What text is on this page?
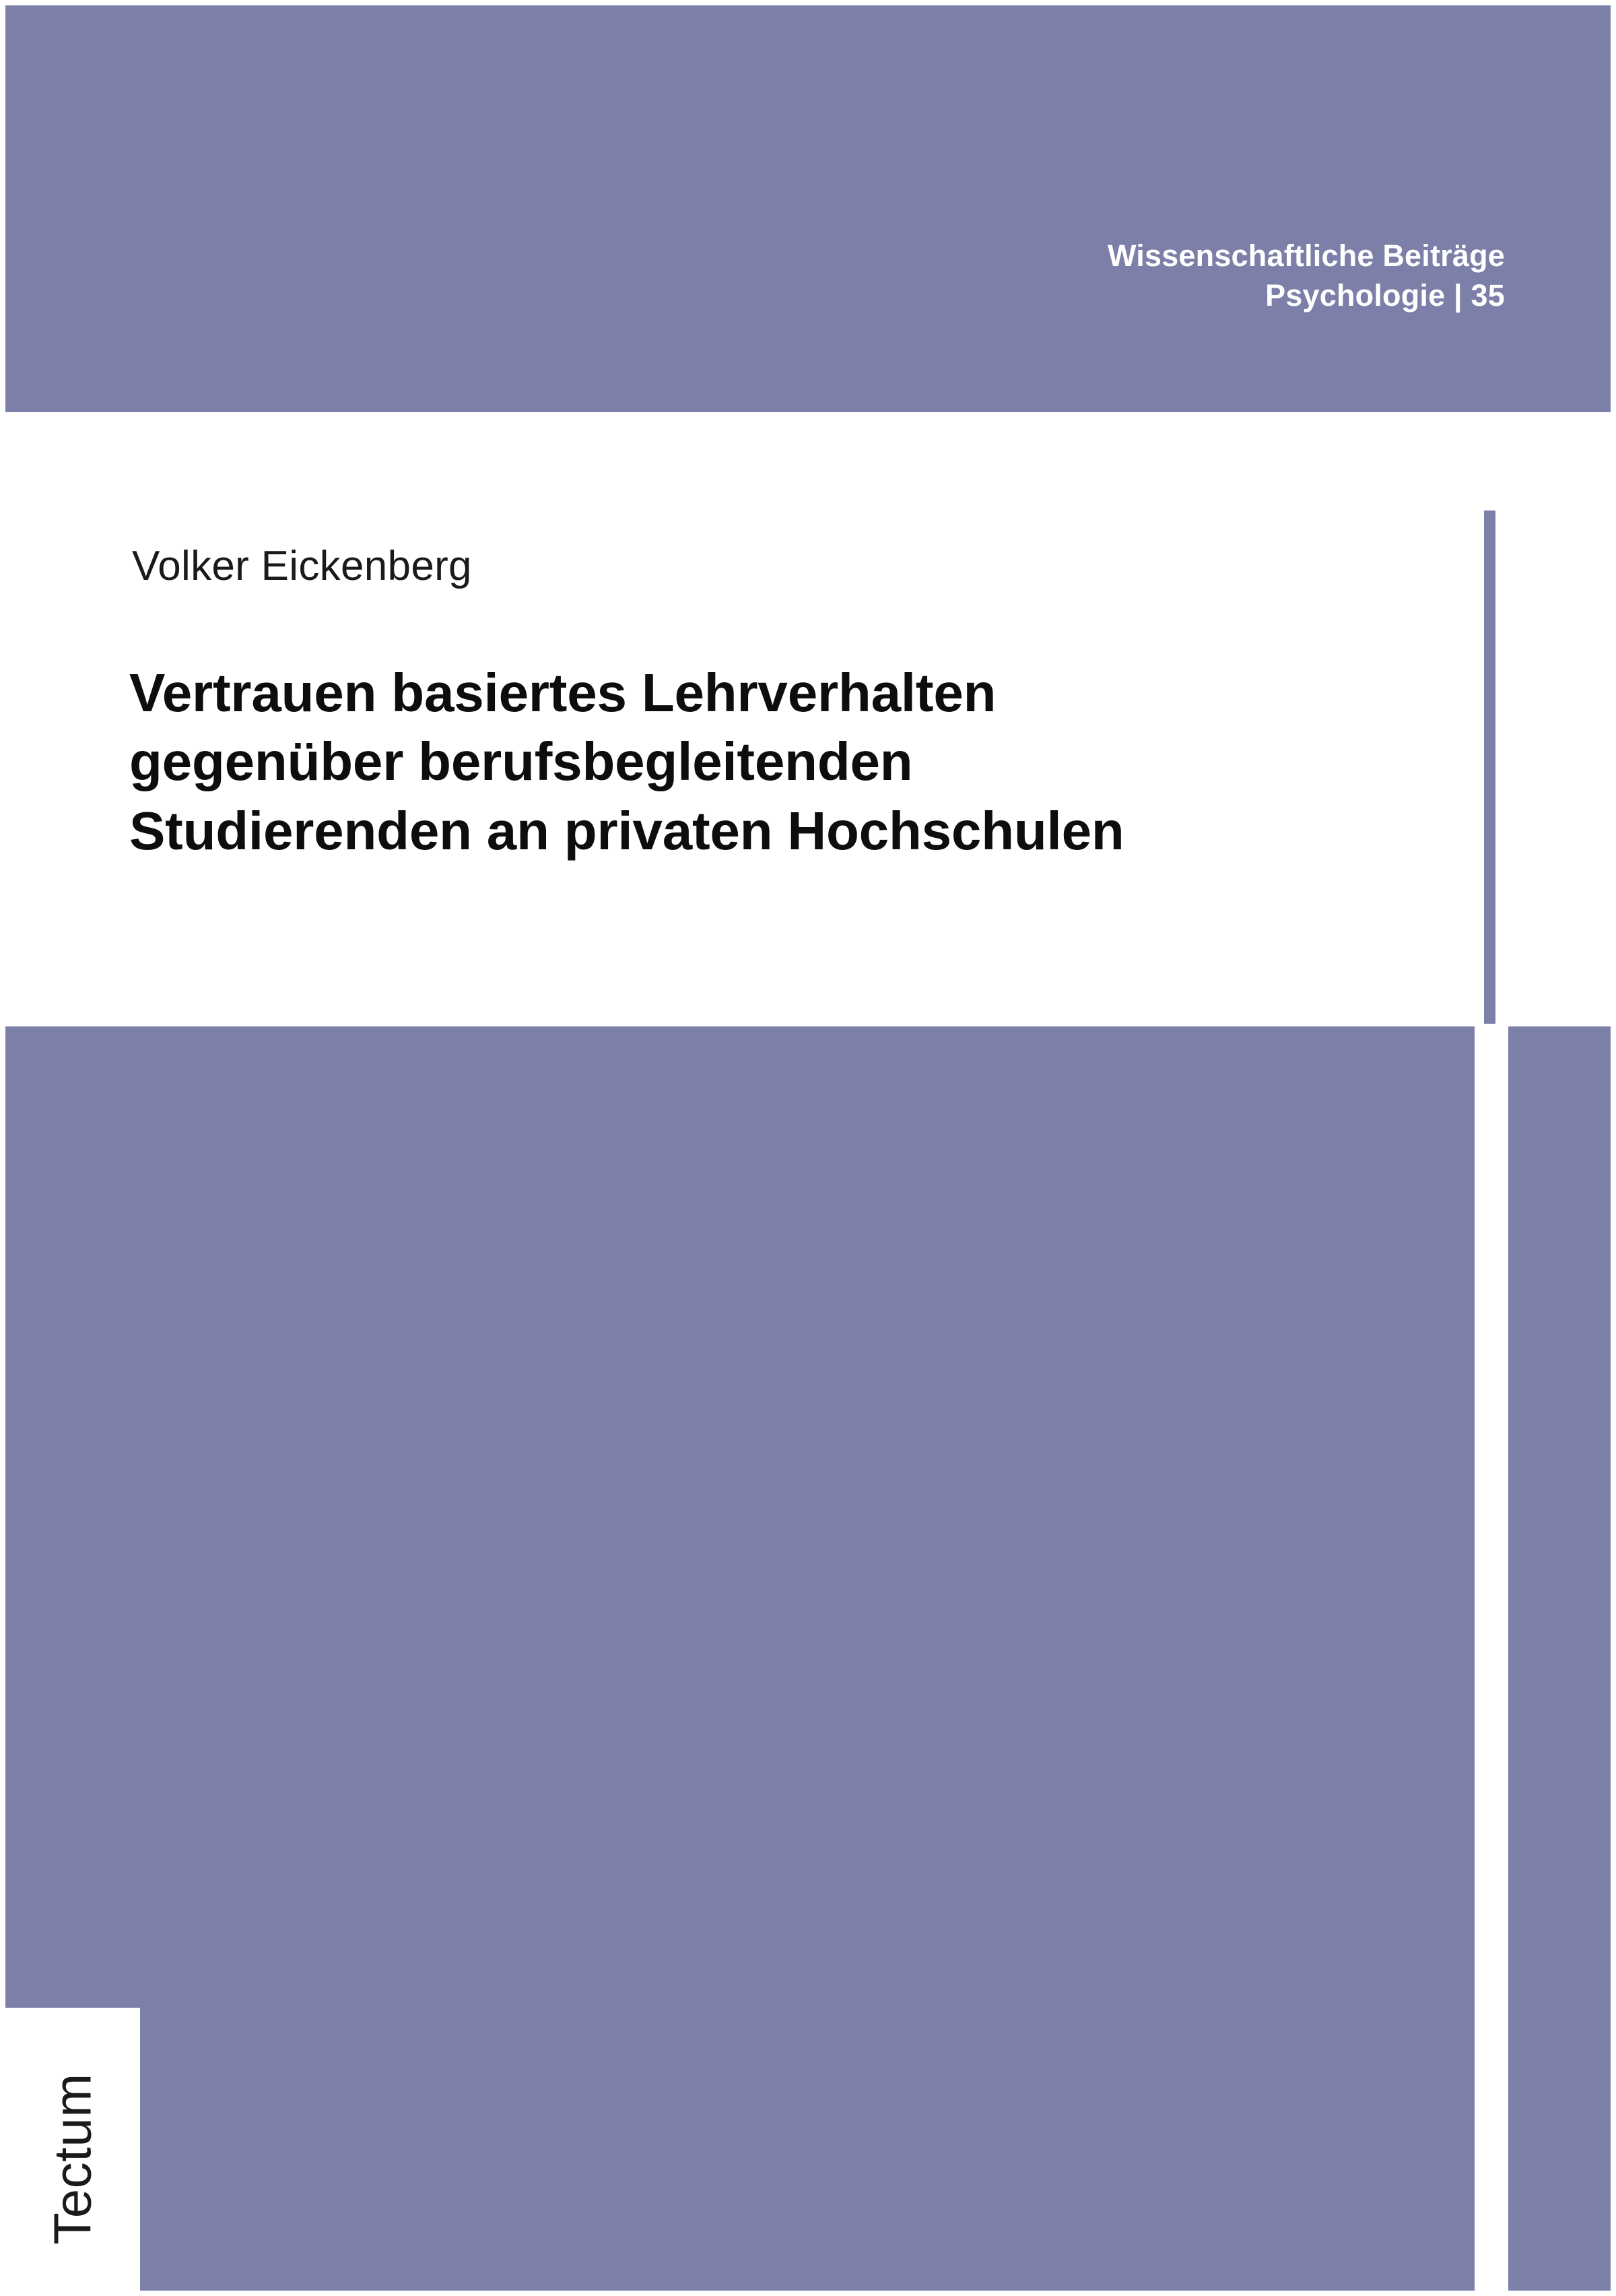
Wissenschaftliche Beiträge
Psychologie | 35
Volker Eickenberg
Vertrauen basiertes Lehrverhalten
gegenüber berufsbegleitenden
Studierenden an privaten Hochschulen
Tectum
